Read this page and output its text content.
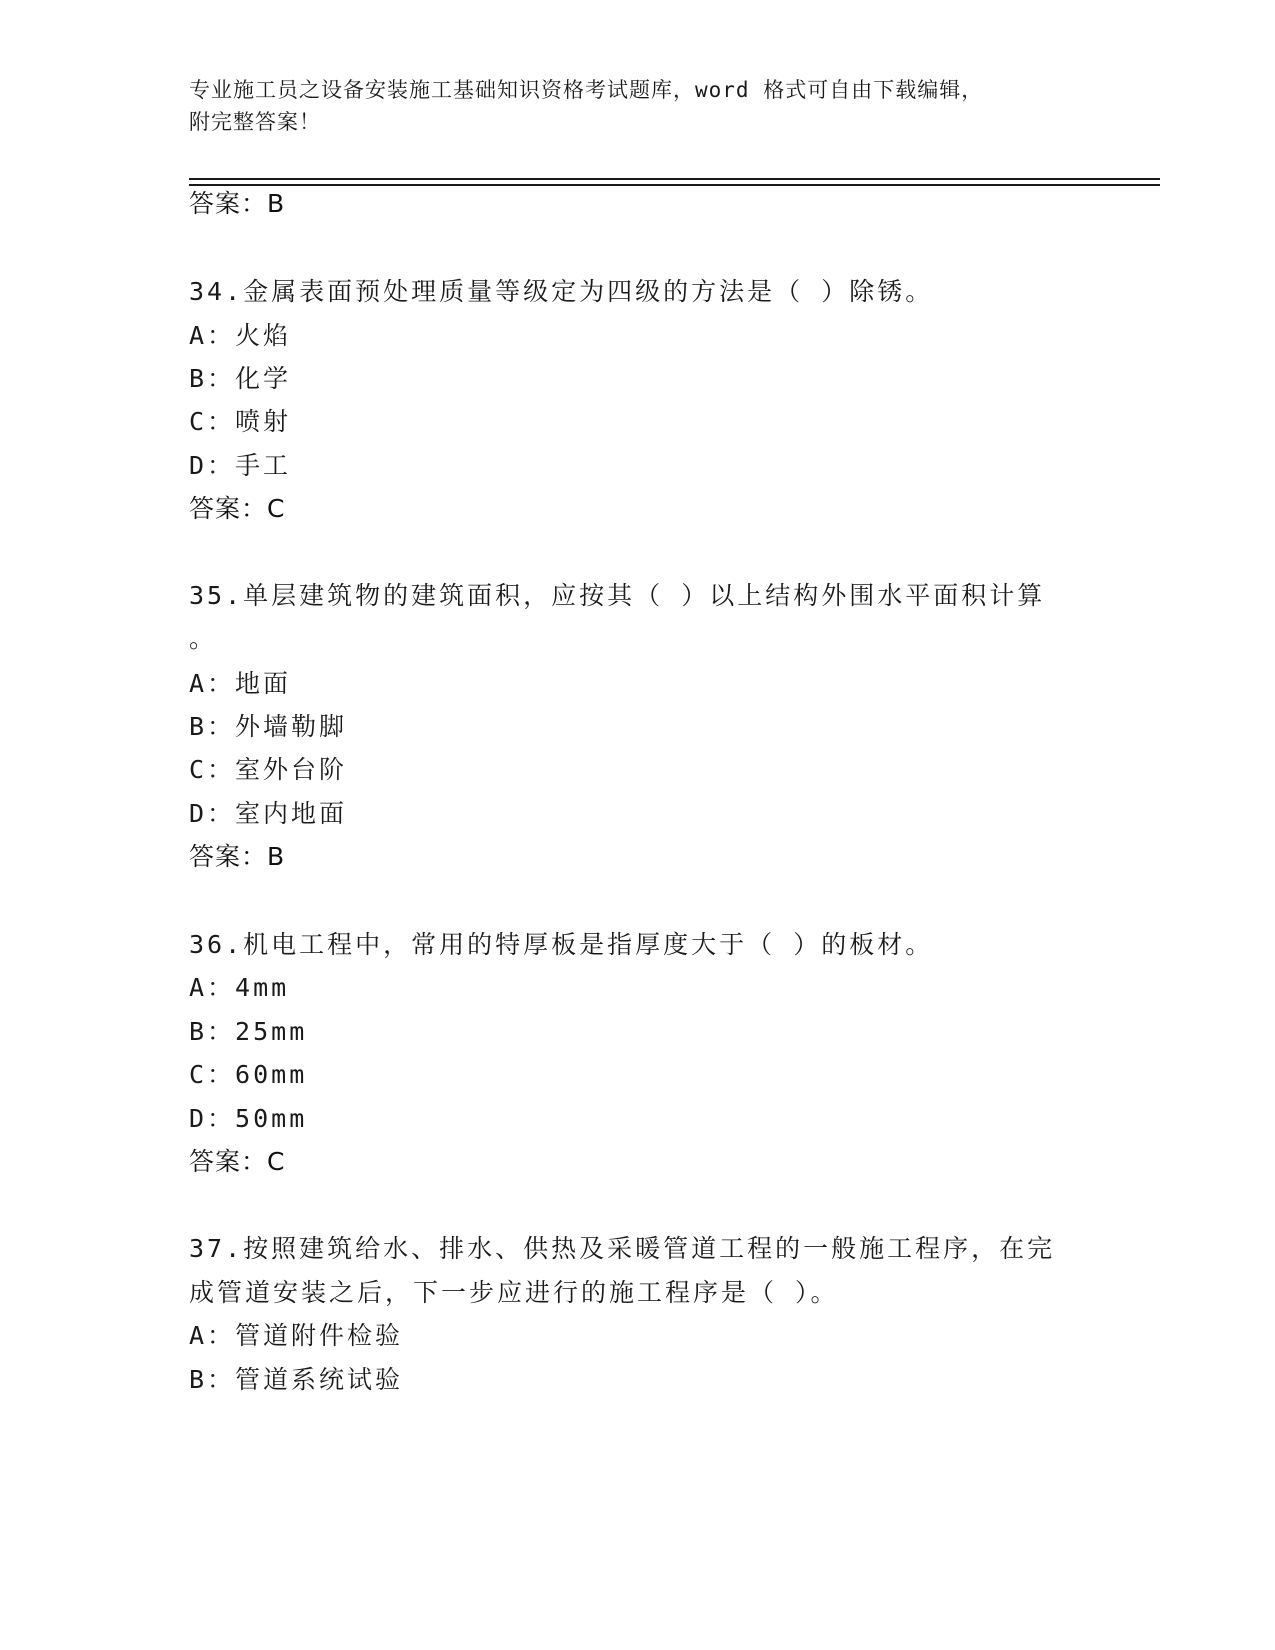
专业施工员之设备安装施工基础知识资格考试题库，word 格式可自由下载编辑，
附完整答案！
答案：B
34.金属表面预处理质量等级定为四级的方法是（ ）除锈。
A：火焰
B：化学
C：喷射
D：手工
答案：C
35.单层建筑物的建筑面积，应按其（ ）以上结构外围水平面积计算
。
A：地面
B：外墙勒脚
C：室外台阶
D：室内地面
答案：B
36.机电工程中，常用的特厚板是指厚度大于（ ）的板材。
A：4mm
B：25mm
C：60mm
D：50mm
答案：C
37.按照建筑给水、排水、供热及采暖管道工程的一般施工程序，在完
成管道安装之后，下一步应进行的施工程序是（ ）。
A：管道附件检验
B：管道系统试验
